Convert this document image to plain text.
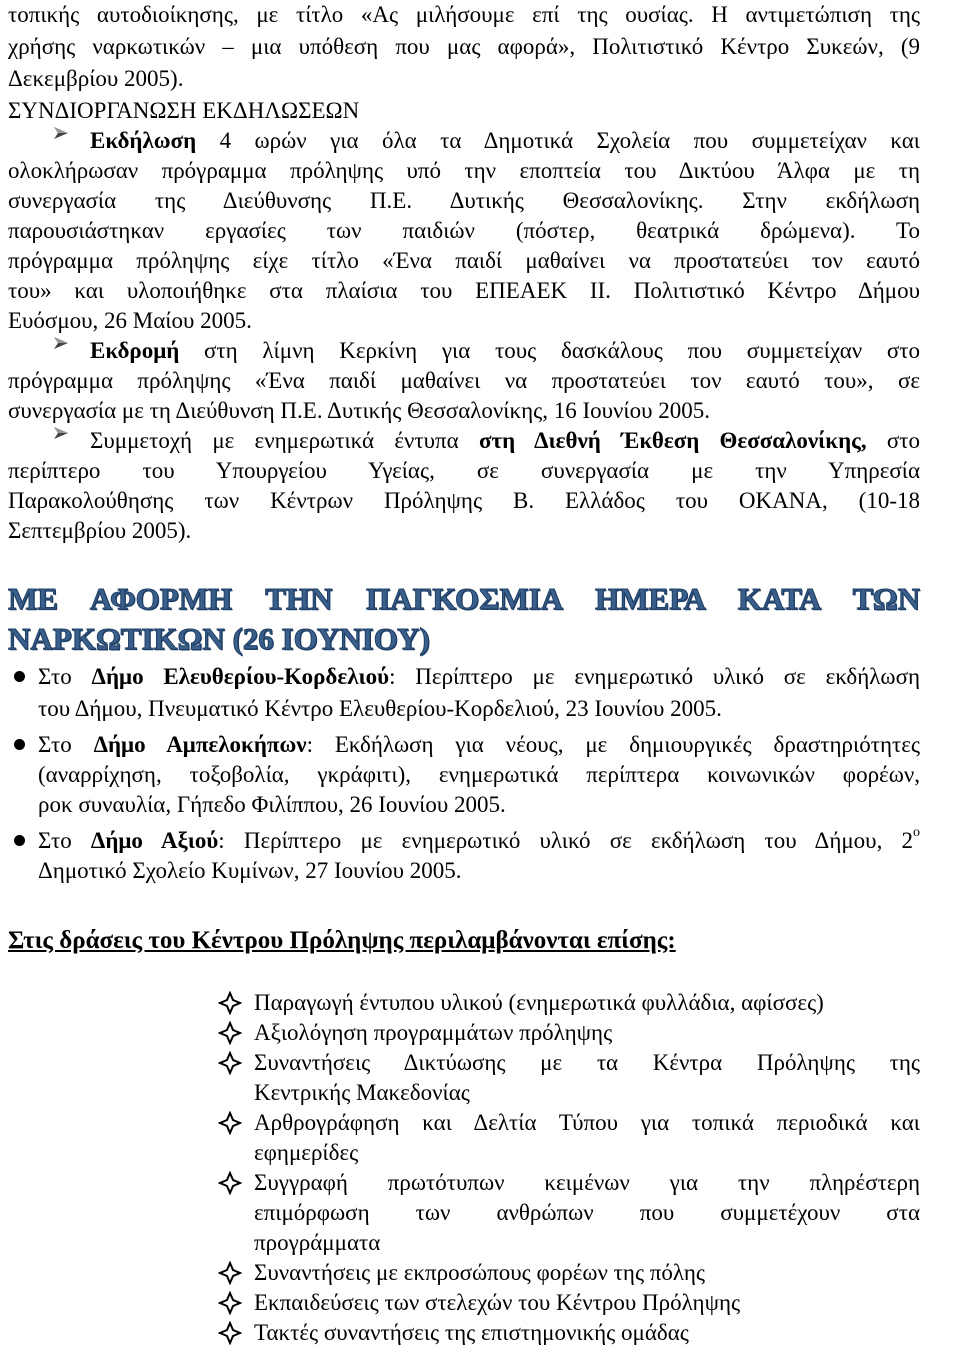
τοπικής αυτοδιοίκησης, με τίτλο «Ας μιλήσουμε επί της ουσίας. Η αντιμετώπιση της
χρήσης ναρκωτικών – μια υπόθεση που μας αφορά», Πολιτιστικό Κέντρο Συκεών, (9
Δεκεμβρίου 2005).
ΣΥΝΔΙΟΡΓΑΝΩΣΗ ΕΚΔΗΛΩΣΕΩΝ
Εκδήλωση 4 ωρών για όλα τα Δημοτικά Σχολεία που συμμετείχαν και
ολοκλήρωσαν πρόγραμμα πρόληψης υπό την εποπτεία του Δικτύου Άλφα με τη
συνεργασία της Διεύθυνσης Π.Ε. Δυτικής Θεσσαλονίκης. Στην εκδήλωση
παρουσιάστηκαν εργασίες των παιδιών (πόστερ, θεατρικά δρώμενα). Το
πρόγραμμα πρόληψης είχε τίτλο «Ένα παιδί μαθαίνει να προστατεύει τον εαυτό
του» και υλοποιήθηκε στα πλαίσια του ΕΠΕΑΕΚ ΙΙ. Πολιτιστικό Κέντρο Δήμου
Ευόσμου, 26 Μαίου 2005.
Εκδρομή στη λίμνη Κερκίνη για τους δασκάλους που συμμετείχαν στο
πρόγραμμα πρόληψης «Ένα παιδί μαθαίνει να προστατεύει τον εαυτό του», σε
συνεργασία με τη Διεύθυνση Π.Ε. Δυτικής Θεσσαλονίκης, 16 Ιουνίου 2005.
Συμμετοχή με ενημερωτικά έντυπα στη Διεθνή Έκθεση Θεσσαλονίκης, στο
περίπτερο του Υπουργείου Υγείας, σε συνεργασία με την Υπηρεσία
Παρακολούθησης των Κέντρων Πρόληψης Β. Ελλάδος του ΟΚΑΝΑ, (10-18
Σεπτεμβρίου 2005).
ΜΕ ΑΦΟΡΜΗ ΤΗΝ ΠΑΓΚΟΣΜΙΑ ΗΜΕΡΑ ΚΑΤΑ ΤΩΝ
ΝΑΡΚΩΤΙΚΩΝ (26 ΙΟΥΝΙΟΥ)
Στο Δήμο Ελευθερίου-Κορδελιού: Περίπτερο με ενημερωτικό υλικό σε εκδήλωση
του Δήμου, Πνευματικό Κέντρο Ελευθερίου-Κορδελιού, 23 Ιουνίου 2005.
Στο Δήμο Αμπελοκήπων: Εκδήλωση για νέους, με δημιουργικές δραστηριότητες
(αναρρίχηση, τοξοβολία, γκράφιτι), ενημερωτικά περίπτερα κοινωνικών φορέων,
ροκ συναυλία, Γήπεδο Φιλίππου, 26 Ιουνίου 2005.
Στο Δήμο Αξιού: Περίπτερο με ενημερωτικό υλικό σε εκδήλωση του Δήμου, $2^o$
Δημοτικό Σχολείο Κυμίνων, 27 Ιουνίου 2005.
Στις δράσεις του Κέντρου Πρόληψης περιλαμβάνονται επίσης:
Παραγωγή έντυπου υλικού (ενημερωτικά φυλλάδια, αφίσσες)
Αξιολόγηση προγραμμάτων πρόληψης
Συναντήσεις Δικτύωσης με τα Κέντρα Πρόληψης της
Κεντρικής Μακεδονίας
Αρθρογράφηση και Δελτία Τύπου για τοπικά περιοδικά και
εφημερίδες
Συγγραφή πρωτότυπων κειμένων για την πληρέστερη
επιμόρφωση των ανθρώπων που συμμετέχουν στα
προγράμματα
Συναντήσεις με εκπροσώπους φορέων της πόλης
Εκπαιδεύσεις των στελεχών του Κέντρου Πρόληψης
Τακτές συναντήσεις της επιστημονικής ομάδας
